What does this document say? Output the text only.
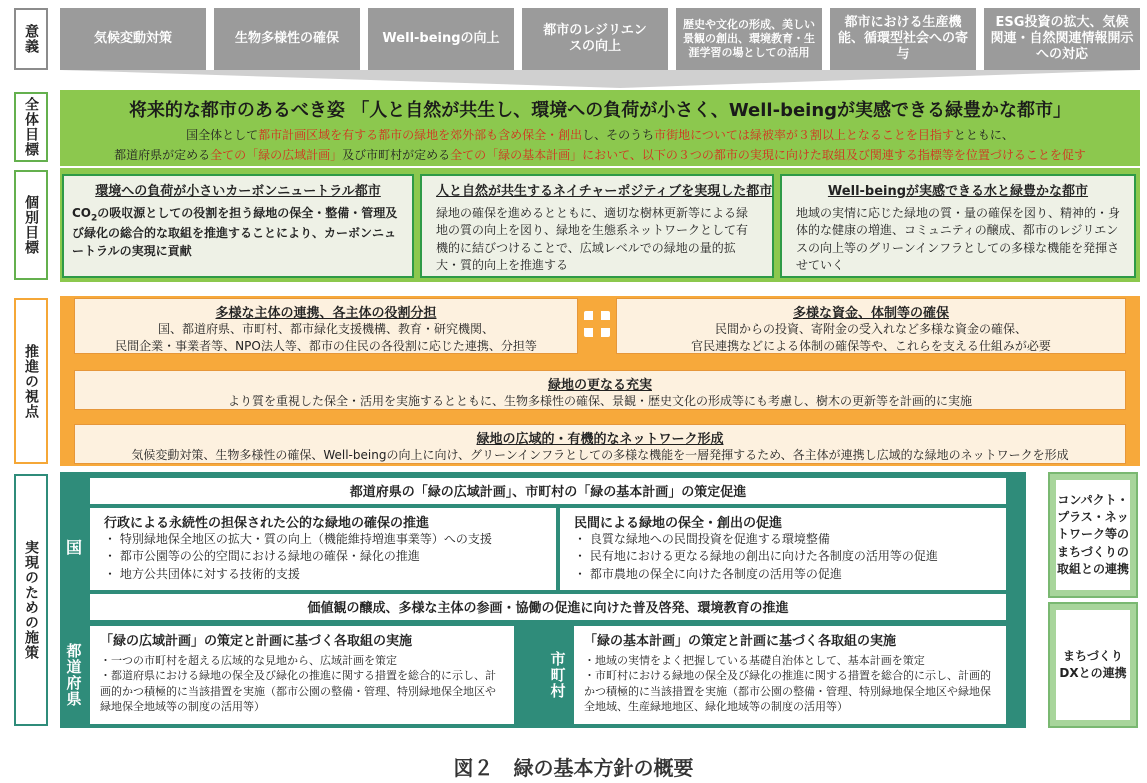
意義	気候変動対策	生物多様性の確保	Well-beingの向上
都市のレジリエンスの向上
歴史や文化の形成、美しい景観の創出、環境教育・生涯学習の場としての活用
都市における生産機能、循環型社会への寄与
ESG投資の拡大、気候関連・自然関連情報開示への対応
全体目標	将来的な都市のあるべき姿 「人と自然が共生し、環境への負荷が小さく、Well-beingが実感できる緑豊かな都市」
国全体として都市計画区域を有する都市の緑地を郊外部も含め保全・創出し、そのうち市街地については緑被率が３割以上となることを目指すとともに、
都道府県が定める全ての「緑の広域計画」及び市町村が定める全ての「緑の基本計画」において、以下の３つの都市の実現に向けた取組及び関連する指標等を位置づけることを促す
個別目標
環境への負荷が小さいカーボンニュートラル都市
$CO_2$の吸収源としての役割を担う緑地の保全・整備・管理及び緑化の総合的な取組を推進することにより、カーボンニュートラルの実現に貢献
人と自然が共生するネイチャーポジティブを実現した都市
緑地の確保を進めるとともに、適切な樹林更新等による緑地の質の向上を図り、緑地を生態系ネットワークとして有機的に結びつけることで、広域レベルでの緑地の量的拡大・質的向上を推進する
Well-beingが実感できる水と緑豊かな都市
地域の実情に応じた緑地の質・量の確保を図り、精神的・身体的な健康の増進、コミュニティの醸成、都市のレジリエンスの向上等のグリーンインフラとしての多様な機能を発揮させていく
推進の視点
多様な主体の連携、各主体の役割分担
国、都道府県、市町村、都市緑化支援機構、教育・研究機関、
民間企業・事業者等、NPO法人等、都市の住民の各役割に応じた連携、分担等
多様な資金、体制等の確保
民間からの投資、寄附金の受入れなど多様な資金の確保、
官民連携などによる体制の確保等や、これらを支える仕組みが必要
緑地の更なる充実
より質を重視した保全・活用を実施するとともに、生物多様性の確保、景観・歴史文化の形成等にも考慮し、樹木の更新等を計画的に実施
緑地の広域的・有機的なネットワーク形成
気候変動対策、生物多様性の確保、Well-beingの向上に向け、グリーンインフラとしての多様な機能を一層発揮するため、各主体が連携し広域的な緑地のネットワークを形成
実現のための施策	国
都道府県の「緑の広域計画」、市町村の「緑の基本計画」の策定促進
行政による永続性の担保された公的な緑地の確保の推進
・ 特別緑地保全地区の拡大・質の向上（機能維持増進事業等）への支援
・ 都市公園等の公的空間における緑地の確保・緑化の推進
・ 地方公共団体に対する技術的支援
民間による緑地の保全・創出の促進
・ 良質な緑地への民間投資を促進する環境整備
・ 民有地における更なる緑地の創出に向けた各制度の活用等の促進
・ 都市農地の保全に向けた各制度の活用等の促進
価値観の醸成、多様な主体の参画・協働の促進に向けた普及啓発、環境教育の推進
都道府県
「緑の広域計画」の策定と計画に基づく各取組の実施
・一つの市町村を超える広域的な見地から、広域計画を策定
・都道府県における緑地の保全及び緑化の推進に関する措置を総合的に示し、計画的かつ積極的に当該措置を実施（都市公園の整備・管理、特別緑地保全地区や緑地保全地域等の制度の活用等）
市町村
「緑の基本計画」の策定と計画に基づく各取組の実施
・地域の実情をよく把握している基礎自治体として、基本計画を策定
・市町村における緑地の保全及び緑化の推進に関する措置を総合的に示し、計画的かつ積極的に当該措置を実施（都市公園の整備・管理、特別緑地保全地区や緑地保全地域、生産緑地地区、緑化地域等の制度の活用等）
コンパクト・プラス・ネットワーク等のまちづくりの取組との連携
まちづくりDXとの連携
図２　緑の基本方針の概要
